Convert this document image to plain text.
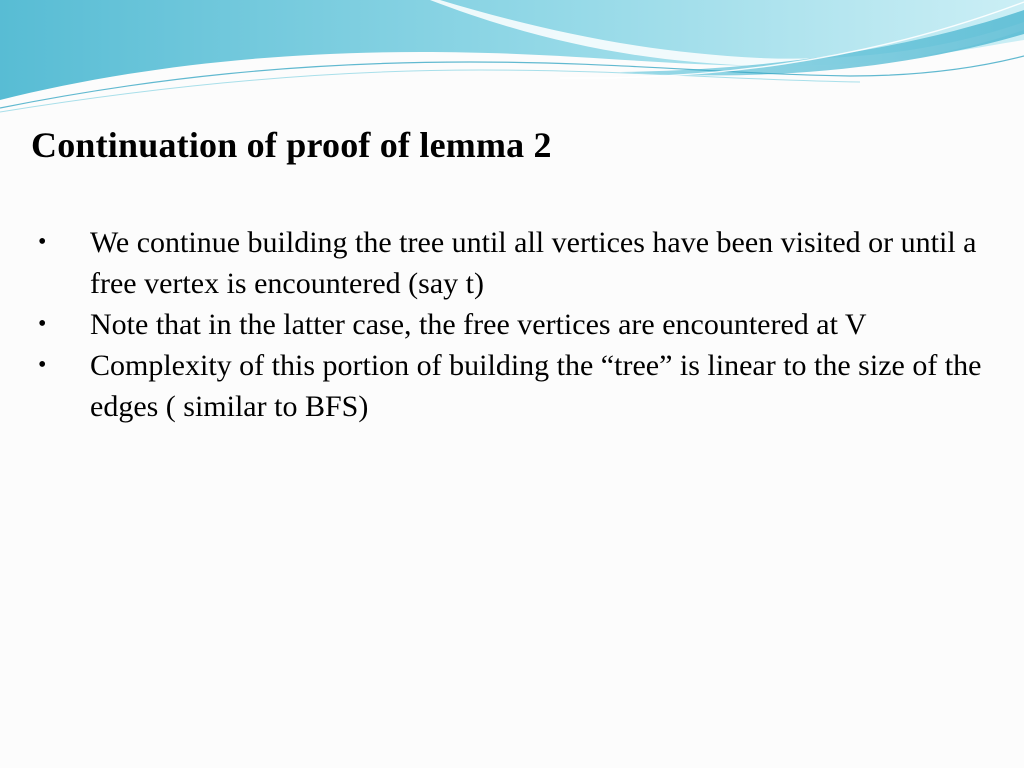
Continuation of proof of lemma 2
• We continue building the tree until all vertices have been visited or until a free vertex is encountered (say t)
• Note that in the latter case, the free vertices are encountered at V
• Complexity of this portion of building the “tree” is linear to the size of the edges ( similar to BFS)
